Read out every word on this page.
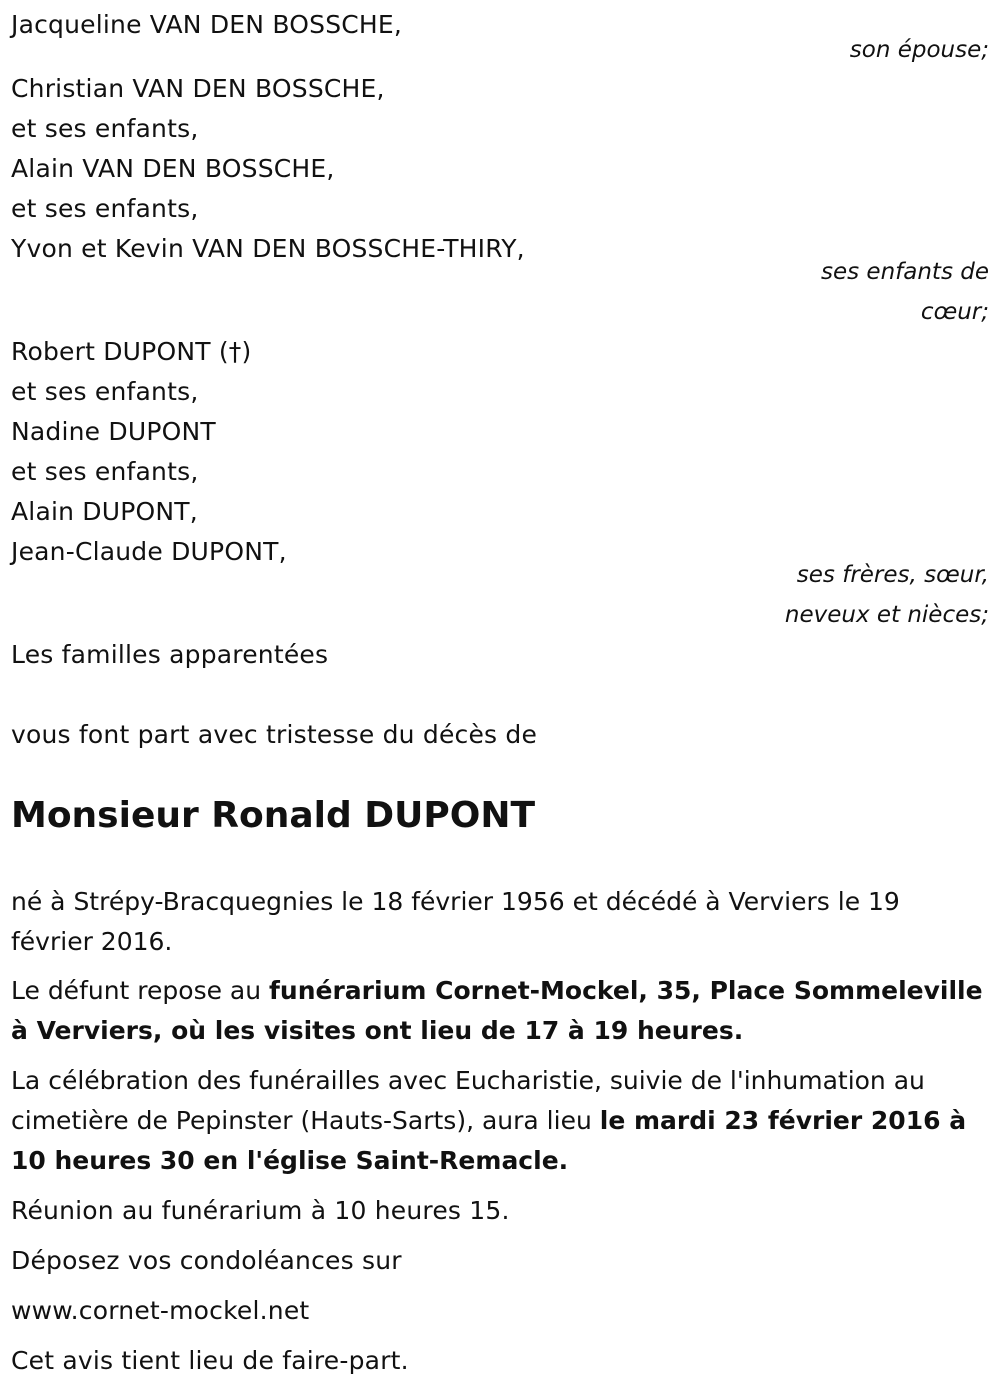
Jacqueline VAN DEN BOSSCHE,
son épouse;
Christian VAN DEN BOSSCHE,
et ses enfants,
Alain VAN DEN BOSSCHE,
et ses enfants,
Yvon et Kevin VAN DEN BOSSCHE-THIRY,
ses enfants de
cœur;
Robert DUPONT (†)
et ses enfants,
Nadine DUPONT
et ses enfants,
Alain DUPONT,
Jean-Claude DUPONT,
ses frères, sœur,
neveux et nièces;
Les familles apparentées
vous font part avec tristesse du décès de
Monsieur Ronald DUPONT
né à Strépy-Bracquegnies le 18 février 1956 et décédé à Verviers le 19 février 2016.
Le défunt repose au funérarium Cornet-Mockel, 35, Place Sommeleville à Verviers, où les visites ont lieu de 17 à 19 heures.
La célébration des funérailles avec Eucharistie, suivie de l'inhumation au cimetière de Pepinster (Hauts-Sarts), aura lieu le mardi 23 février 2016 à 10 heures 30 en l'église Saint-Remacle.
Réunion au funérarium à 10 heures 15.
Déposez vos condoléances sur
www.cornet-mockel.net
Cet avis tient lieu de faire-part.
